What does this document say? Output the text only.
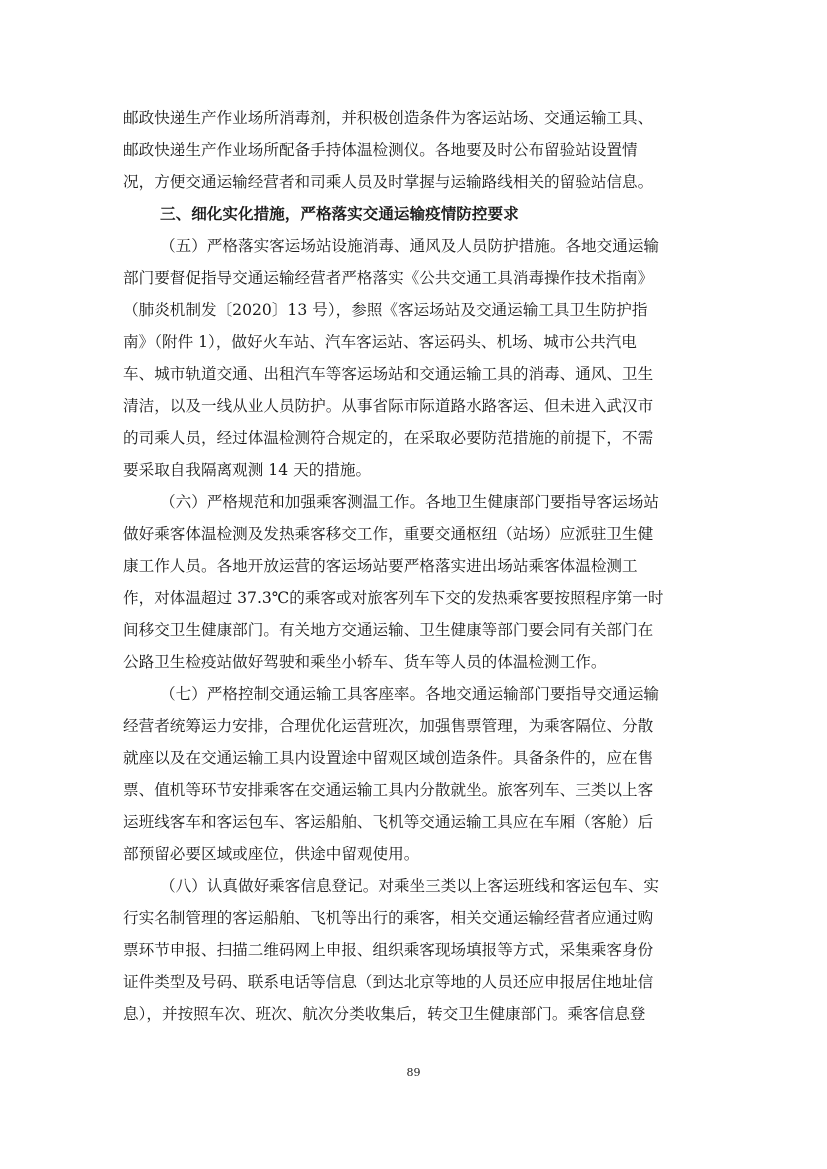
邮政快递生产作业场所消毒剂，并积极创造条件为客运站场、交通运输工具、
邮政快递生产作业场所配备手持体温检测仪。各地要及时公布留验站设置情
况，方便交通运输经营者和司乘人员及时掌握与运输路线相关的留验站信息。
三、细化实化措施，严格落实交通运输疫情防控要求
（五）严格落实客运场站设施消毒、通风及人员防护措施。各地交通运输
部门要督促指导交通运输经营者严格落实《公共交通工具消毒操作技术指南》
（肺炎机制发〔2020〕13 号），参照《客运场站及交通运输工具卫生防护指
南》（附件 1），做好火车站、汽车客运站、客运码头、机场、城市公共汽电
车、城市轨道交通、出租汽车等客运场站和交通运输工具的消毒、通风、卫生
清洁，以及一线从业人员防护。从事省际市际道路水路客运、但未进入武汉市
的司乘人员，经过体温检测符合规定的，在采取必要防范措施的前提下，不需
要采取自我隔离观测 14 天的措施。
（六）严格规范和加强乘客测温工作。各地卫生健康部门要指导客运场站
做好乘客体温检测及发热乘客移交工作，重要交通枢纽（站场）应派驻卫生健
康工作人员。各地开放运营的客运场站要严格落实进出场站乘客体温检测工
作，对体温超过 37.3℃的乘客或对旅客列车下交的发热乘客要按照程序第一时
间移交卫生健康部门。有关地方交通运输、卫生健康等部门要会同有关部门在
公路卫生检疫站做好驾驶和乘坐小轿车、货车等人员的体温检测工作。
（七）严格控制交通运输工具客座率。各地交通运输部门要指导交通运输
经营者统筹运力安排，合理优化运营班次，加强售票管理，为乘客隔位、分散
就座以及在交通运输工具内设置途中留观区域创造条件。具备条件的，应在售
票、值机等环节安排乘客在交通运输工具内分散就坐。旅客列车、三类以上客
运班线客车和客运包车、客运船舶、飞机等交通运输工具应在车厢（客舱）后
部预留必要区域或座位，供途中留观使用。
（八）认真做好乘客信息登记。对乘坐三类以上客运班线和客运包车、实
行实名制管理的客运船舶、飞机等出行的乘客，相关交通运输经营者应通过购
票环节申报、扫描二维码网上申报、组织乘客现场填报等方式，采集乘客身份
证件类型及号码、联系电话等信息（到达北京等地的人员还应申报居住地址信
息），并按照车次、班次、航次分类收集后，转交卫生健康部门。乘客信息登
89
